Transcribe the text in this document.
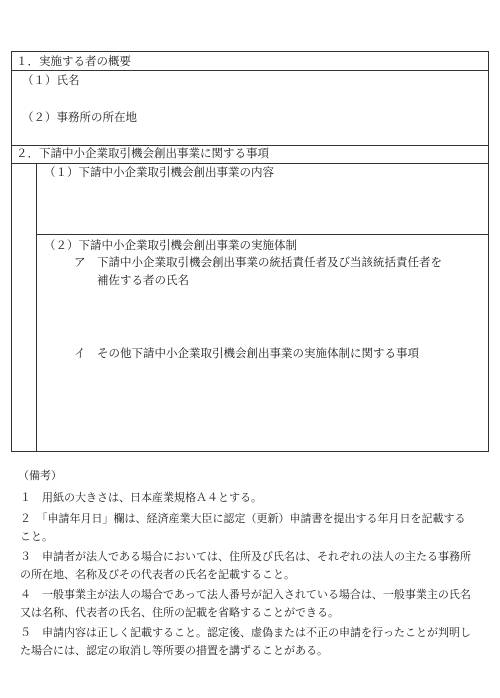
１．実施する者の概要
（１）氏名
（２）事務所の所在地
２．下請中小企業取引機会創出事業に関する事項
（１）下請中小企業取引機会創出事業の内容
（２）下請中小企業取引機会創出事業の実施体制
ア　下請中小企業取引機会創出事業の統括責任者及び当該統括責任者を
補佐する者の氏名
イ　その他下請中小企業取引機会創出事業の実施体制に関する事項
（備考）
１　用紙の大きさは、日本産業規格Ａ４とする。
２　「申請年月日」欄は、経済産業大臣に認定（更新）申請書を提出する年月日を記載する
こと。
３　申請者が法人である場合においては、住所及び氏名は、それぞれの法人の主たる事務所
の所在地、名称及びその代表者の氏名を記載すること。
４　一般事業主が法人の場合であって法人番号が記入されている場合は、一般事業主の氏名
又は名称、代表者の氏名、住所の記載を省略することができる。
５　申請内容は正しく記載すること。認定後、虚偽または不正の申請を行ったことが判明し
た場合には、認定の取消し等所要の措置を講ずることがある。
